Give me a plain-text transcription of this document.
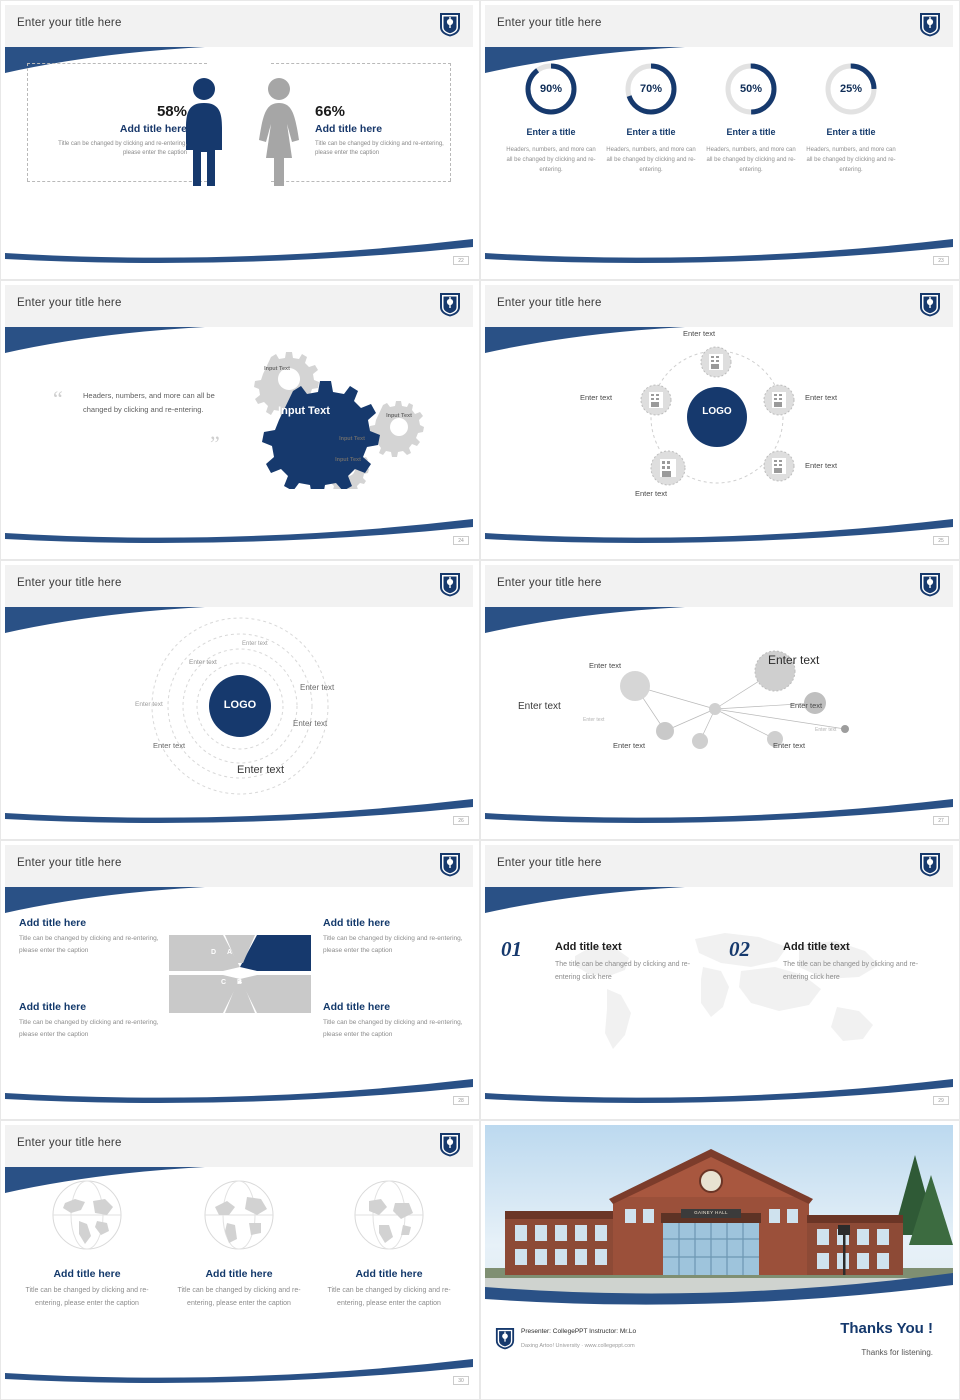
Enter your title here
58%
Add title here
Title can be changed by clicking and re-entering, please enter the caption
66%
Add title here
Title can be changed by clicking and re-entering, please enter the caption
22
Enter your title here
90%
Enter a title
Headers, numbers, and more can all be changed by clicking and re-entering.
70%
Enter a title
Headers, numbers, and more can all be changed by clicking and re-entering.
50%
Enter a title
Headers, numbers, and more can all be changed by clicking and re-entering.
25%
Enter a title
Headers, numbers, and more can all be changed by clicking and re-entering.
23
Enter your title here
“	Headers, numbers, and more can all be changed by clicking and re-entering.
”
Input Text
Input Text
Input Text
Input Text
Input Text
24
Enter your title here
LOGO
Enter text
Enter text
Enter text
Enter text
Enter text
25
Enter your title here
LOGO
Enter text
Enter text
Enter text
Enter text
Enter text
Enter text
Enter text
26
Enter your title here
Enter text
Enter text
Enter text
Enter text
Enter text	Enter text
Enter text
Enter text
27
Enter your title here
A
B
C
D
Add title here
Title can be changed by clicking and re-entering, please enter the caption
Add title here
Title can be changed by clicking and re-entering, please enter the caption
Add title here
Title can be changed by clicking and re-entering, please enter the caption
Add title here
Title can be changed by clicking and re-entering, please enter the caption
28
Enter your title here
01	Add title text
The title can be changed by clicking and re-entering click here
02	Add title text
The title can be changed by clicking and re-entering click here
29
Enter your title here
Add title here
Title can be changed by clicking and re-entering, please enter the caption
Add title here
Title can be changed by clicking and re-entering, please enter the caption
Add title here
Title can be changed by clicking and re-entering, please enter the caption
30
GAINEY HALL
Presenter: CollegePPT Instructor: Mr.Lo
Daxing Artoo! University · www.collegeppt.com
Thanks You !
Thanks for listening.
